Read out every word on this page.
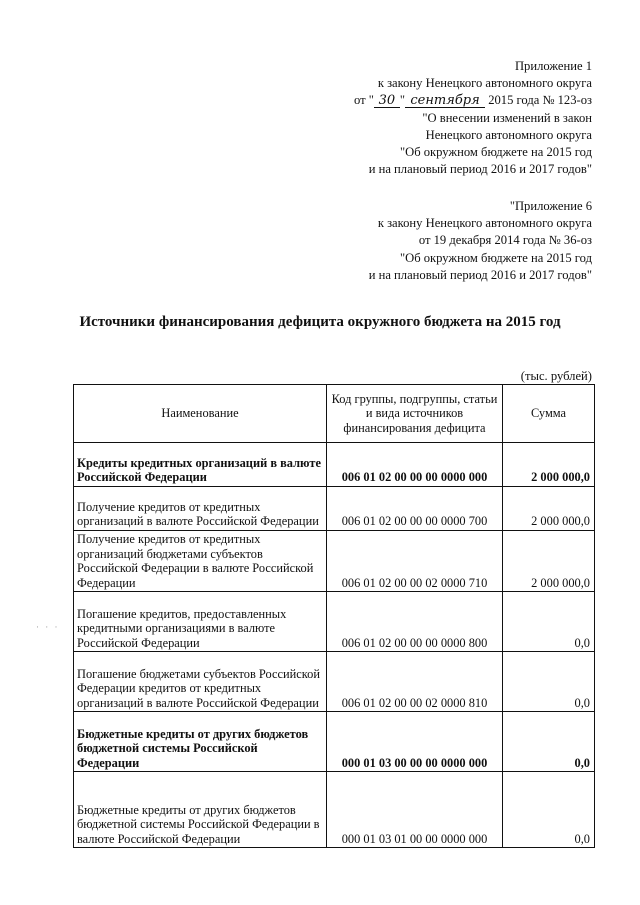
Приложение 1
к закону Ненецкого автономного округа
от " 30 " сентября 2015 года № 123-оз
"О внесении изменений в закон
Ненецкого автономного округа
"Об окружном бюджете на 2015 год
и на плановый период 2016 и 2017 годов"
"Приложение 6
к закону Ненецкого автономного округа
от 19 декабря 2014 года № 36-оз
"Об окружном бюджете на 2015 год
и на плановый период 2016 и 2017 годов"
Источники финансирования дефицита окружного бюджета на 2015 год
(тыс. рублей)
Наименование	Код группы, подгруппы, статьи и вида источников финансирования дефицита	Сумма
Кредиты кредитных организаций в валюте Российской Федерации	006 01 02 00 00 00 0000 000	2 000 000,0
Получение кредитов от кредитных организаций в валюте Российской Федерации	006 01 02 00 00 00 0000 700	2 000 000,0
Получение кредитов от кредитных организаций бюджетами субъектов Российской Федерации в валюте Российской Федерации	006 01 02 00 00 02 0000 710	2 000 000,0
Погашение кредитов, предоставленных кредитными организациями в валюте Российской Федерации	006 01 02 00 00 00 0000 800	0,0
Погашение бюджетами субъектов Российской Федерации кредитов от кредитных организаций в валюте Российской Федерации	006 01 02 00 00 02 0000 810	0,0
Бюджетные кредиты от других бюджетов бюджетной системы Российской Федерации	000 01 03 00 00 00 0000 000	0,0
Бюджетные кредиты от других бюджетов бюджетной системы Российской Федерации в валюте Российской Федерации	000 01 03 01 00 00 0000 000	0,0
· · ·
